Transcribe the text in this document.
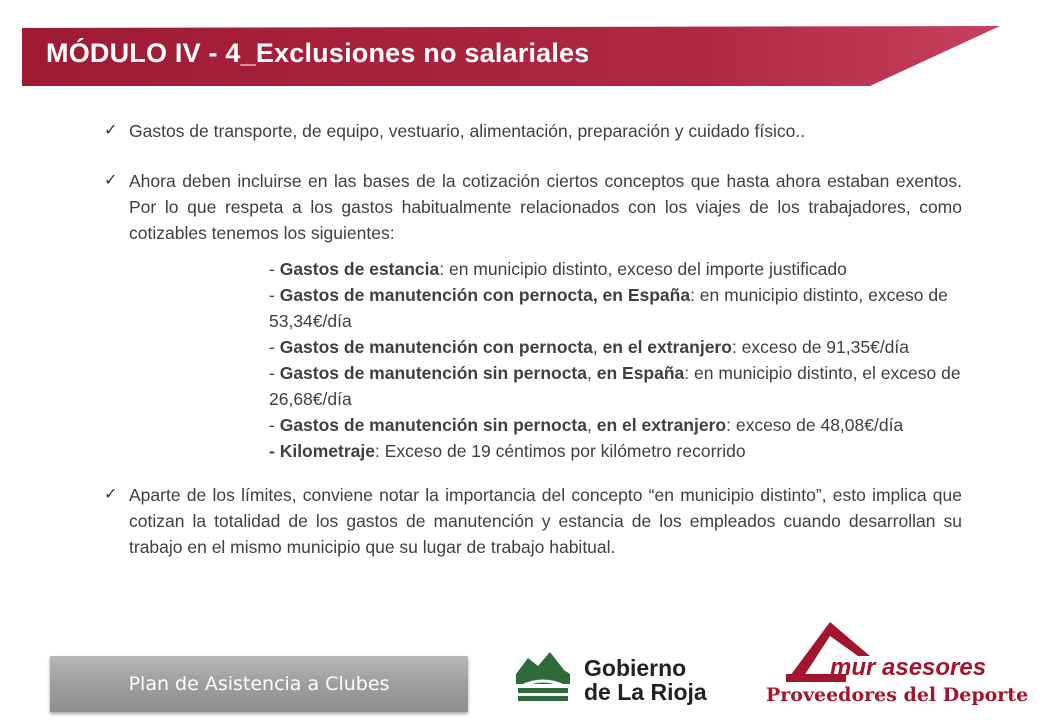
MÓDULO IV - 4_Exclusiones no salariales
✓ Gastos de transporte, de equipo, vestuario, alimentación, preparación y cuidado físico..
✓ Ahora deben incluirse en las bases de la cotización ciertos conceptos que hasta ahora estaban exentos. Por lo que respeta a los gastos habitualmente relacionados con los viajes de los trabajadores, como cotizables tenemos los siguientes:
- Gastos de estancia: en municipio distinto, exceso del importe justificado
- Gastos de manutención con pernocta, en España: en municipio distinto, exceso de 53,34€/día
- Gastos de manutención con pernocta, en el extranjero: exceso de 91,35€/día
- Gastos de manutención sin pernocta, en España: en municipio distinto, el exceso de 26,68€/día
- Gastos de manutención sin pernocta, en el extranjero: exceso de 48,08€/día
- Kilometraje: Exceso de 19 céntimos por kilómetro recorrido
✓ Aparte de los límites, conviene notar la importancia del concepto “en municipio distinto”, esto implica que cotizan la totalidad de los gastos de manutención y estancia de los empleados cuando desarrollan su trabajo en el mismo municipio que su lugar de trabajo habitual.
Plan de Asistencia a Clubes
Gobierno
de La Rioja
mur asesores
Proveedores del Deporte
